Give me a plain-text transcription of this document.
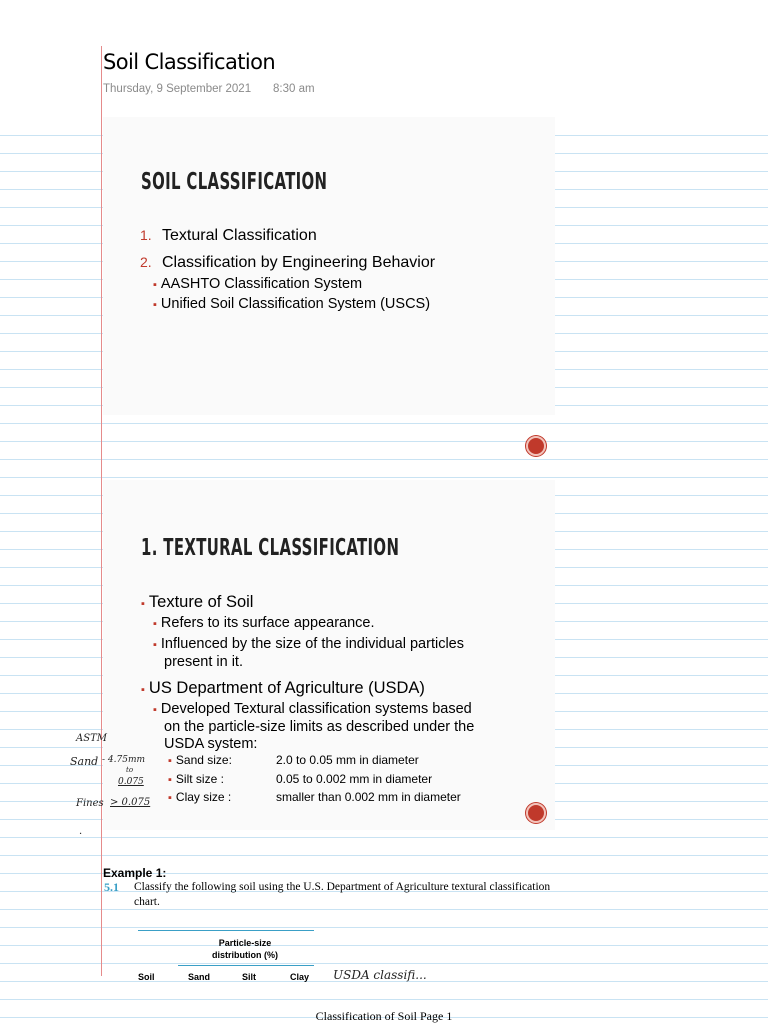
Soil Classification
Thursday, 9 September 2021 8:30 am
SOIL CLASSIFICATION
1. Textural Classification
2. Classification by Engineering Behavior
▪ AASHTO Classification System
▪ Unified Soil Classification System (USCS)
1. TEXTURAL CLASSIFICATION
▪ Texture of Soil
▪ Refers to its surface appearance.
▪ Influenced by the size of the individual particles
present in it.
▪ US Department of Agriculture (USDA)
▪ Developed Textural classification systems based
on the particle-size limits as described under the
USDA system:
▪ Sand size:	2.0 to 0.05 mm in diameter
▪ Silt size :	0.05 to 0.002 mm in diameter
▪ Clay size :	smaller than 0.002 mm in diameter
ASTM
Sand - 4.75mm
to
0.075
Fines > 0.075
·
Example 1:
5.1 Classify the following soil using the U.S. Department of Agriculture textural classification chart.
Particle-size distribution (%)
Soil	Sand	Silt	Clay USDA classifi...
Classification of Soil Page 1
